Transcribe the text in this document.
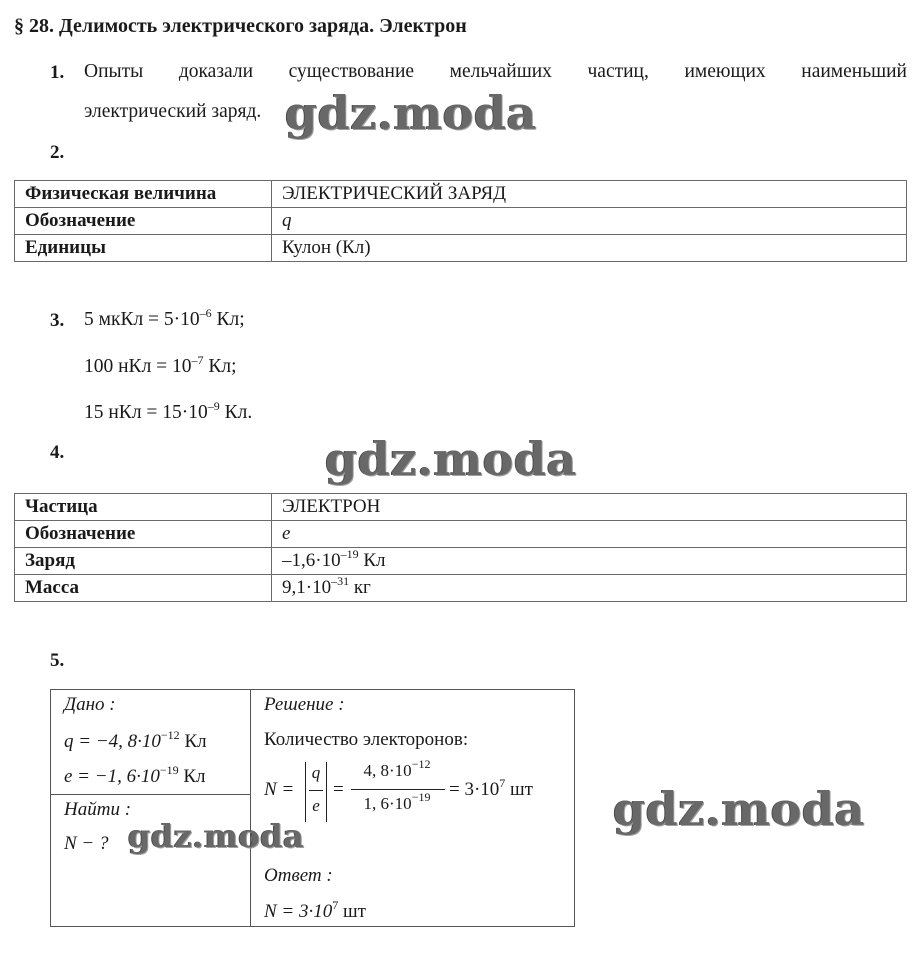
§ 28. Делимость электрического заряда. Электрон
1. Опыты доказали существование мельчайших частиц, имеющих наименьший
электрический заряд.
2.
Физическая величина	ЭЛЕКТРИЧЕСКИЙ ЗАРЯД
Обозначение	q
Единицы	Кулон (Кл)
3. 5 мкКл = $5\cdot 10^{-6}$ Кл;
100 нКл = $10^{-7}$ Кл;
15 нКл = $15\cdot 10^{-9}$ Кл.
4.
Частица	ЭЛЕКТРОН
Обозначение	e
Заряд	$-1,6\cdot 10^{-19}$ Кл
Масса	$9,1\cdot 10^{-31}$ кг
5.
Дано :
q = −4, $8\cdot 10^{-12}$ Кл
e = −1, $6\cdot 10^{-19}$ Кл
Найти :
N − ?
Решение :
Количество электоронов:
N =
q
e
=
4, $8\cdot 10^{-12}$
1, $6\cdot 10^{-19} = 3\cdot 10^7$ шт
Ответ :
$N = 3\cdot 10^7$ шт
gdz.moda
gdz.moda
gdz.moda
gdz.moda
